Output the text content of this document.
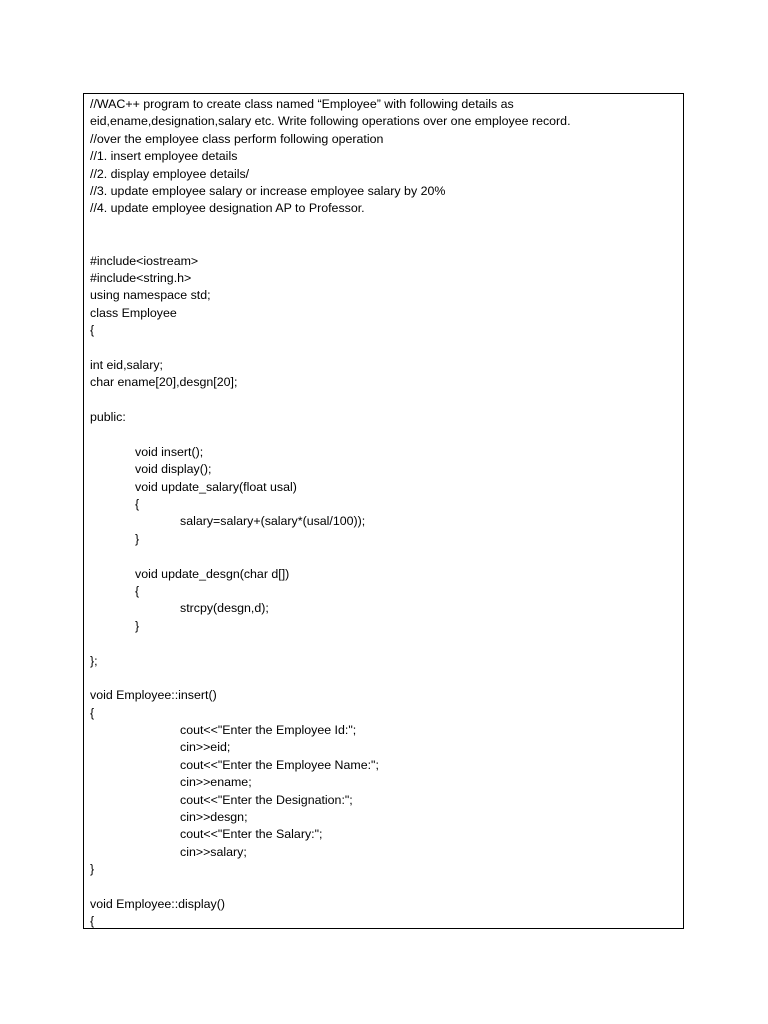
//WAC++ program to create class named “Employee” with following details as
eid,ename,designation,salary etc. Write following operations over one employee record.
//over the employee class perform following operation
//1. insert employee details
//2. display employee details/
//3. update employee salary or increase employee salary by 20%
//4. update employee designation AP to Professor.
#include<iostream>
#include<string.h>
using namespace std;
class Employee
{
int eid,salary;
char ename[20],desgn[20];
public:
void insert();
void display();
void update_salary(float usal)
{
salary=salary+(salary*(usal/100));
}
void update_desgn(char d[])
{
strcpy(desgn,d);
}
};
void Employee::insert()
{
cout<<"Enter the Employee Id:";
cin>>eid;
cout<<"Enter the Employee Name:";
cin>>ename;
cout<<"Enter the Designation:";
cin>>desgn;
cout<<"Enter the Salary:";
cin>>salary;
}
void Employee::display()
{
